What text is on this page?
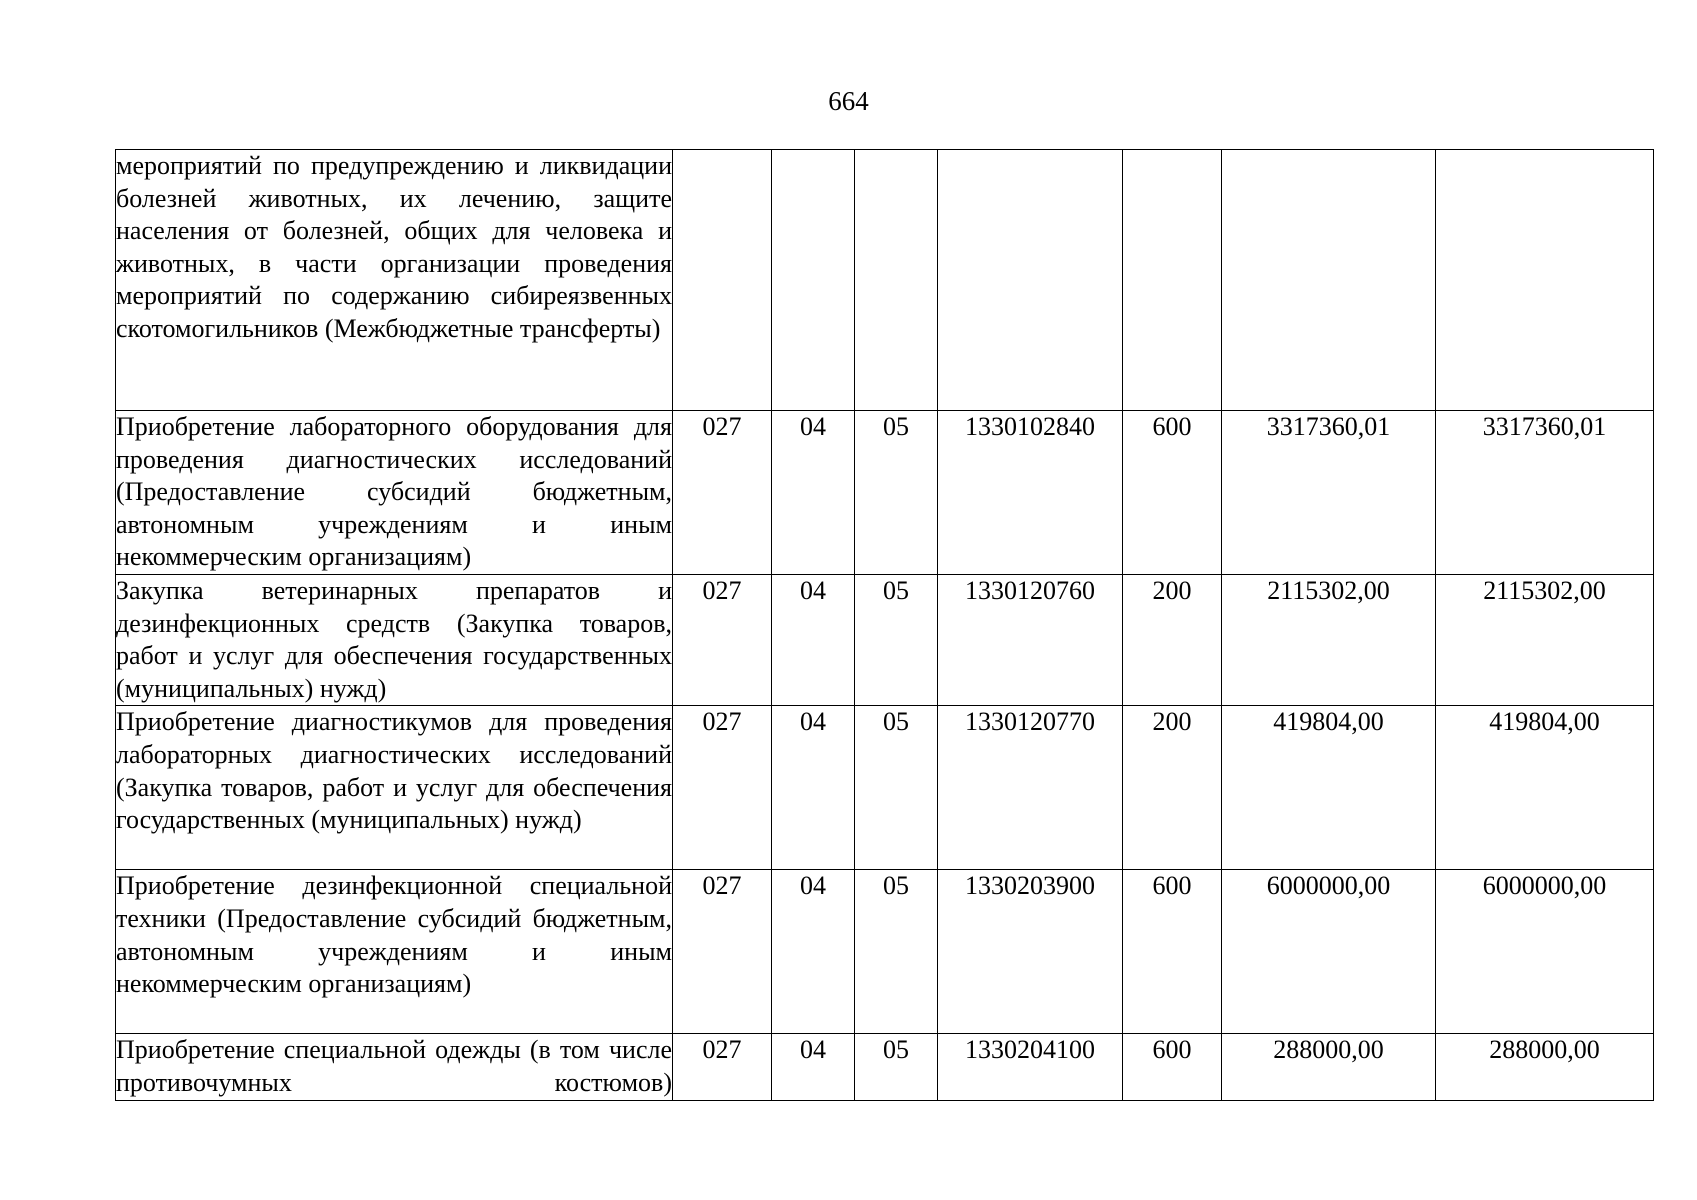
664
мероприятий по предупреждению и ликвидации болезней животных, их лечению, защите населения от болезней, общих для человека и животных, в части организации проведения мероприятий по содержанию сибиреязвенных скотомогильников (Межбюджетные трансферты)							

Приобретение лабораторного оборудования для проведения диагностических исследований (Предоставление субсидий бюджетным, автономным учреждениям и иным некоммерческим организациям)	027	04	05	1330102840	600	3317360,01	3317360,01

Закупка ветеринарных препаратов и дезинфекционных средств (Закупка товаров, работ и услуг для обеспечения государственных (муниципальных) нужд)	027	04	05	1330120760	200	2115302,00	2115302,00

Приобретение диагностикумов для проведения лабораторных диагностических исследований (Закупка товаров, работ и услуг для обеспечения государственных (муниципальных) нужд)	027	04	05	1330120770	200	419804,00	419804,00

Приобретение дезинфекционной специальной техники (Предоставление субсидий бюджетным, автономным учреждениям и иным некоммерческим организациям)	027	04	05	1330203900	600	6000000,00	6000000,00

Приобретение специальной одежды (в том числе противочумных костюмов)	027	04	05	1330204100	600	288000,00	288000,00
